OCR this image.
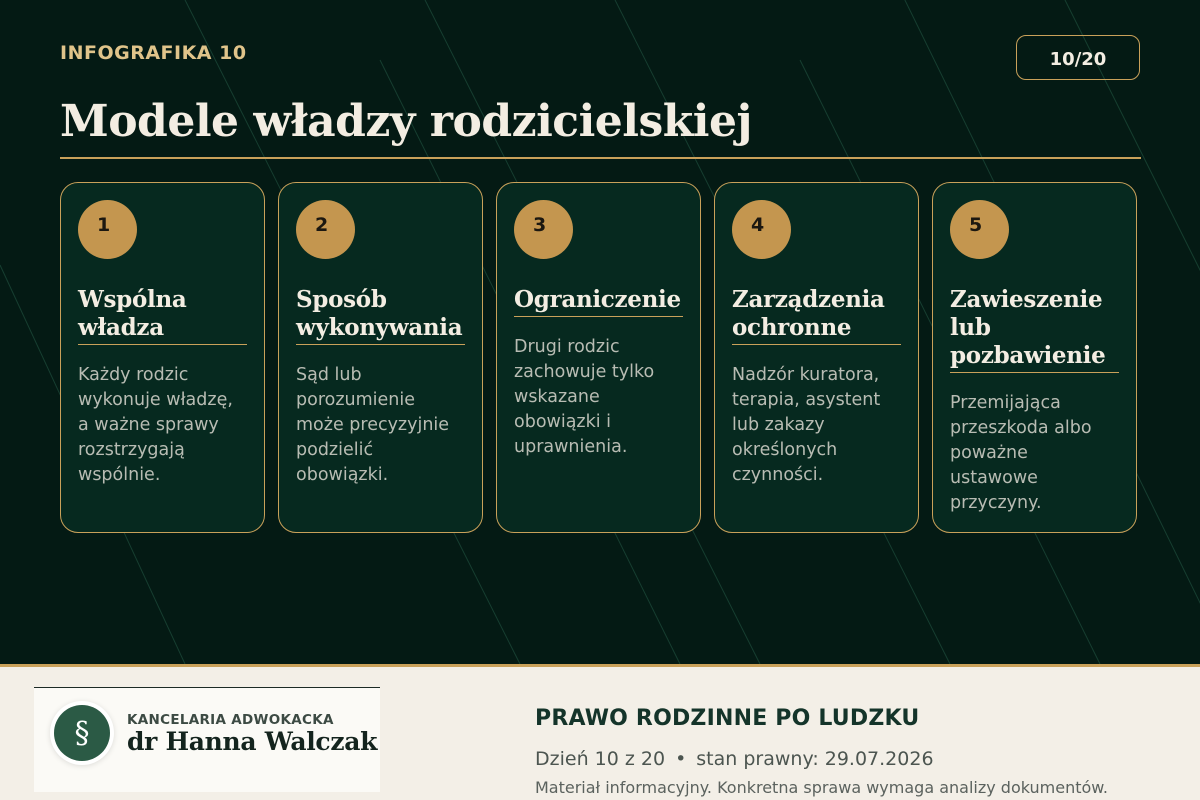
INFOGRAFIKA 10	10/20
Modele władzy rodzicielskiej
1
Wspólna władza
Każdy rodzic wykonuje władzę, a ważne sprawy rozstrzygają wspólnie.
2
Sposób wykonywania
Sąd lub porozumienie może precyzyjnie podzielić obowiązki.
3
Ograniczenie
Drugi rodzic zachowuje tylko wskazane obowiązki i uprawnienia.
4
Zarządzenia ochronne
Nadzór kuratora, terapia, asystent lub zakazy określonych czynności.
5
Zawieszenie lub pozbawienie
Przemijająca przeszkoda albo poważne ustawowe przyczyny.
§	KANCELARIA ADWOKACKA
dr Hanna Walczak
PRAWO RODZINNE PO LUDZKU
Dzień 10 z 20 • stan prawny: 29.07.2026
Materiał informacyjny. Konkretna sprawa wymaga analizy dokumentów.
